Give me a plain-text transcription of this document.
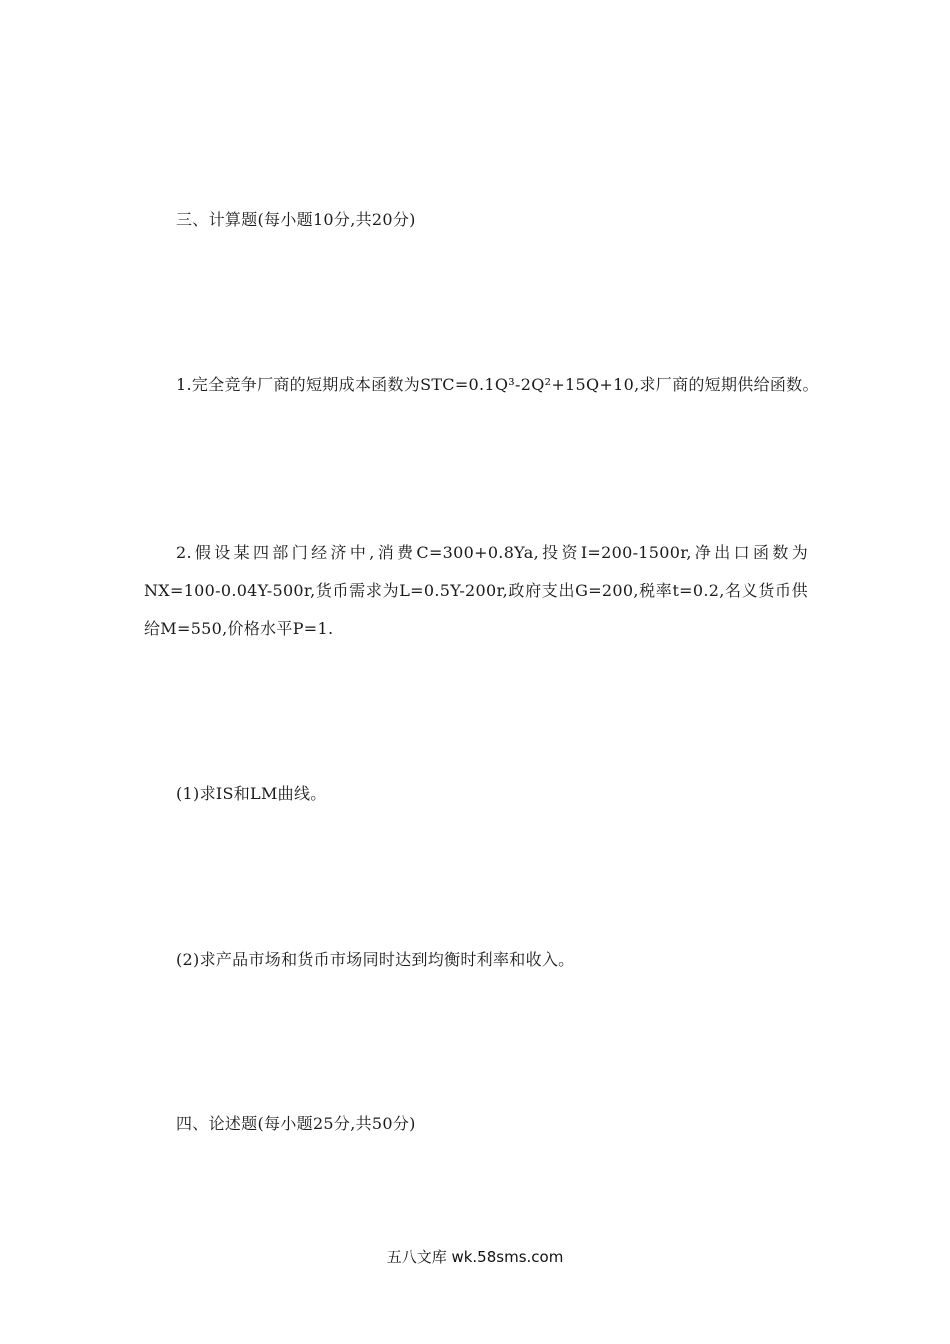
三、计算题(每小题10分,共20分)
1.完全竞争厂商的短期成本函数为STC=0.1Q³-2Q²+15Q+10,求厂商的短期供给函数。
2.假设某四部门经济中,消费C=300+0.8Ya,投资I=200-1500r,净出口函数为NX=100-0.04Y-500r,货币需求为L=0.5Y-200r,政府支出G=200,税率t=0.2,名义货币供给M=550,价格水平P=1.
(1)求IS和LM曲线。
(2)求产品市场和货币市场同时达到均衡时利率和收入。
四、论述题(每小题25分,共50分)
五八文库 wk.58sms.com
